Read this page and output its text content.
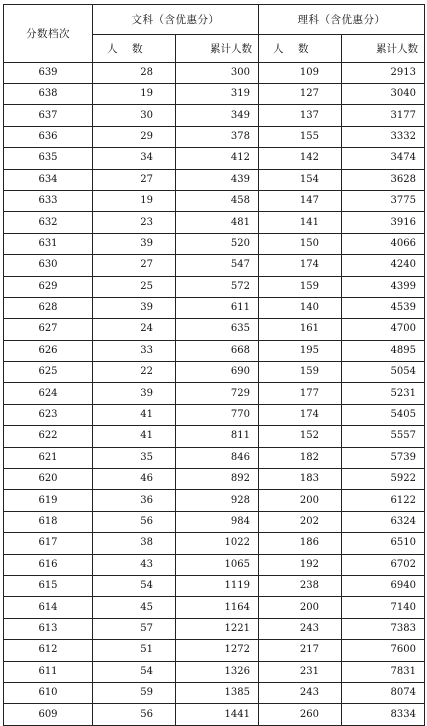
分数档次	文科（含优惠分）		理科（含优惠分）	
	人　数	累计人数	人　数	累计人数
639	28	300	109	2913
638	19	319	127	3040
637	30	349	137	3177
636	29	378	155	3332
635	34	412	142	3474
634	27	439	154	3628
633	19	458	147	3775
632	23	481	141	3916
631	39	520	150	4066
630	27	547	174	4240
629	25	572	159	4399
628	39	611	140	4539
627	24	635	161	4700
626	33	668	195	4895
625	22	690	159	5054
624	39	729	177	5231
623	41	770	174	5405
622	41	811	152	5557
621	35	846	182	5739
620	46	892	183	5922
619	36	928	200	6122
618	56	984	202	6324
617	38	1022	186	6510
616	43	1065	192	6702
615	54	1119	238	6940
614	45	1164	200	7140
613	57	1221	243	7383
612	51	1272	217	7600
611	54	1326	231	7831
610	59	1385	243	8074
609	56	1441	260	8334
